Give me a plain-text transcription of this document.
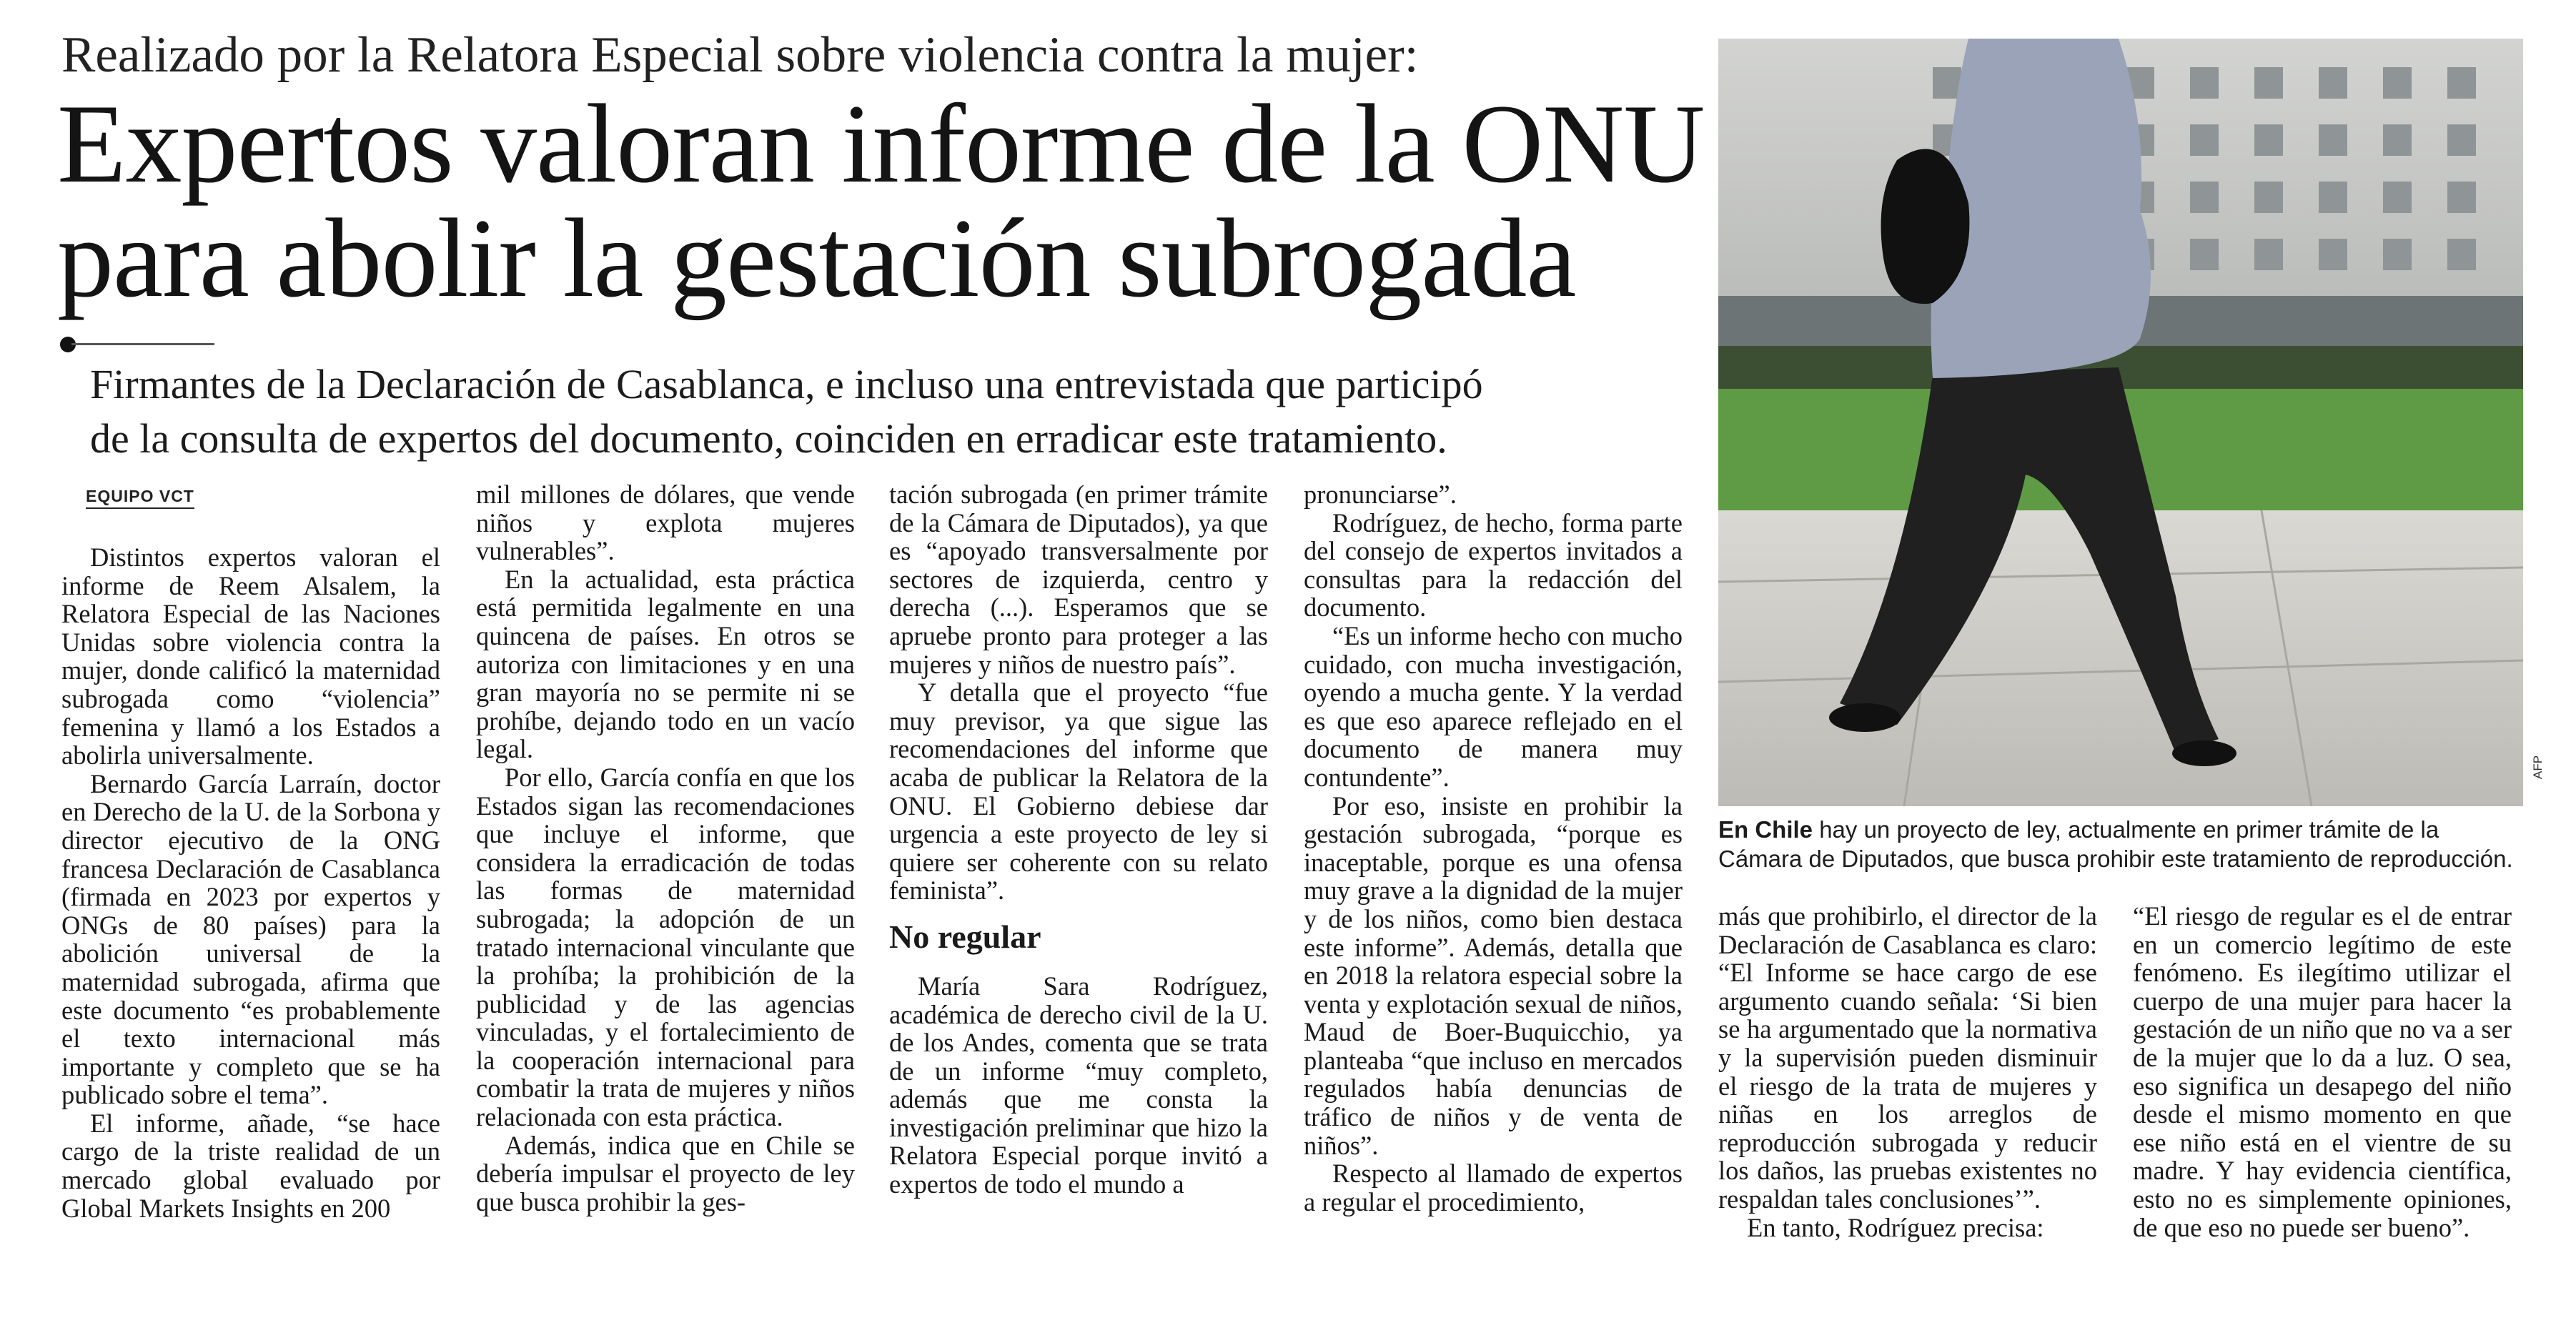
Realizado por la Relatora Especial sobre violencia contra la mujer:
Expertos valoran informe de la ONU
para abolir la gestación subrogada
Firmantes de la Declaración de Casablanca, e incluso una entrevistada que participó
de la consulta de expertos del documento, coinciden en erradicar este tratamiento.
EQUIPO VCT

Distintos expertos valoran el informe de Reem Alsalem, la Relatora Especial de las Naciones Unidas sobre violencia contra la mujer, donde calificó la maternidad subrogada como “violencia” femenina y llamó a los Estados a abolirla universalmente.

Bernardo García Larraín, doctor en Derecho de la U. de la Sorbona y director ejecutivo de la ONG francesa Declaración de Casablanca (firmada en 2023 por expertos y ONGs de 80 países) para la abolición universal de la maternidad subrogada, afirma que este documento “es probablemente el texto internacional más importante y completo que se ha publicado sobre el tema”.

El informe, añade, “se hace cargo de la triste realidad de un mercado global evaluado por Global Markets Insights en 200

mil millones de dólares, que vende niños y explota mujeres vulnerables”.

En la actualidad, esta práctica está permitida legalmente en una quincena de países. En otros se autoriza con limitaciones y en una gran mayoría no se permite ni se prohíbe, dejando todo en un vacío legal.

Por ello, García confía en que los Estados sigan las recomendaciones que incluye el informe, que considera la erradicación de todas las formas de maternidad subrogada; la adopción de un tratado internacional vinculante que la prohíba; la prohibición de la publicidad y de las agencias vinculadas, y el fortalecimiento de la cooperación internacional para combatir la trata de mujeres y niños relacionada con esta práctica.

Además, indica que en Chile se debería impulsar el proyecto de ley que busca prohibir la ges-

tación subrogada (en primer trámite de la Cámara de Diputados), ya que es “apoyado transversalmente por sectores de izquierda, centro y derecha (...). Esperamos que se apruebe pronto para proteger a las mujeres y niños de nuestro país”.

Y detalla que el proyecto “fue muy previsor, ya que sigue las recomendaciones del informe que acaba de publicar la Relatora de la ONU. El Gobierno debiese dar urgencia a este proyecto de ley si quiere ser coherente con su relato feminista”.

No regular

María Sara Rodríguez, académica de derecho civil de la U. de los Andes, comenta que se trata de un informe “muy completo, además que me consta la investigación preliminar que hizo la Relatora Especial porque invitó a expertos de todo el mundo a

pronunciarse”.

Rodríguez, de hecho, forma parte del consejo de expertos invitados a consultas para la redacción del documento.

“Es un informe hecho con mucho cuidado, con mucha investigación, oyendo a mucha gente. Y la verdad es que eso aparece reflejado en el documento de manera muy contundente”.

Por eso, insiste en prohibir la gestación subrogada, “porque es inaceptable, porque es una ofensa muy grave a la dignidad de la mujer y de los niños, como bien destaca este informe”. Además, detalla que en 2018 la relatora especial sobre la venta y explotación sexual de niños, Maud de Boer-Buquicchio, ya planteaba “que incluso en mercados regulados había denuncias de tráfico de niños y de venta de niños”.

Respecto al llamado de expertos a regular el procedimiento,

más que prohibirlo, el director de la Declaración de Casablanca es claro: “El Informe se hace cargo de ese argumento cuando señala: ‘Si bien se ha argumentado que la normativa y la supervisión pueden disminuir el riesgo de la trata de mujeres y niñas en los arreglos de reproducción subrogada y reducir los daños, las pruebas existentes no respaldan tales conclusiones’”.

En tanto, Rodríguez precisa:

“El riesgo de regular es el de entrar en un comercio legítimo de este fenómeno. Es ilegítimo utilizar el cuerpo de una mujer para hacer la gestación de un niño que no va a ser de la mujer que lo da a luz. O sea, eso significa un desapego del niño desde el mismo momento en que ese niño está en el vientre de su madre. Y hay evidencia científica, esto no es simplemente opiniones, de que eso no puede ser bueno”.

AFP
En Chile hay un proyecto de ley, actualmente en primer trámite de la Cámara de Diputados, que busca prohibir este tratamiento de reproducción.
